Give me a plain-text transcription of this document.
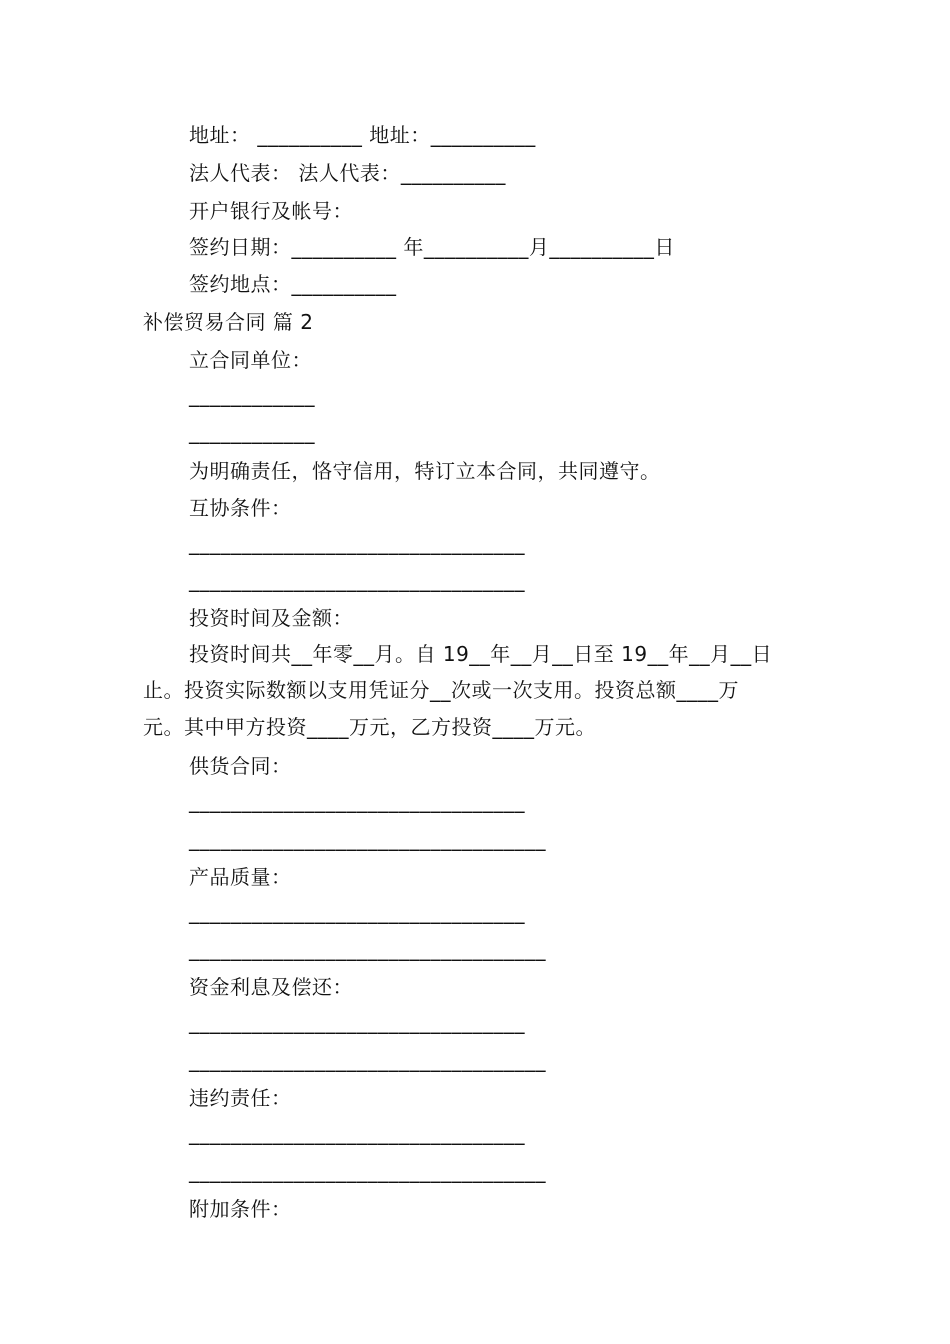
地址： __________ 地址：__________
法人代表： 法人代表：__________
开户银行及帐号：
签约日期：__________ 年__________月__________日
签约地点：__________
补偿贸易合同 篇 2
立合同单位：
____________
____________
为明确责任，恪守信用，特订立本合同，共同遵守。
互协条件：
________________________________
________________________________
投资时间及金额：
投资时间共__年零__月。自 19__年__月__日至 19__年__月__日
止。投资实际数额以支用凭证分__次或一次支用。投资总额____万
元。其中甲方投资____万元，乙方投资____万元。
供货合同：
________________________________
__________________________________
产品质量：
________________________________
__________________________________
资金利息及偿还：
________________________________
__________________________________
违约责任：
________________________________
__________________________________
附加条件：
